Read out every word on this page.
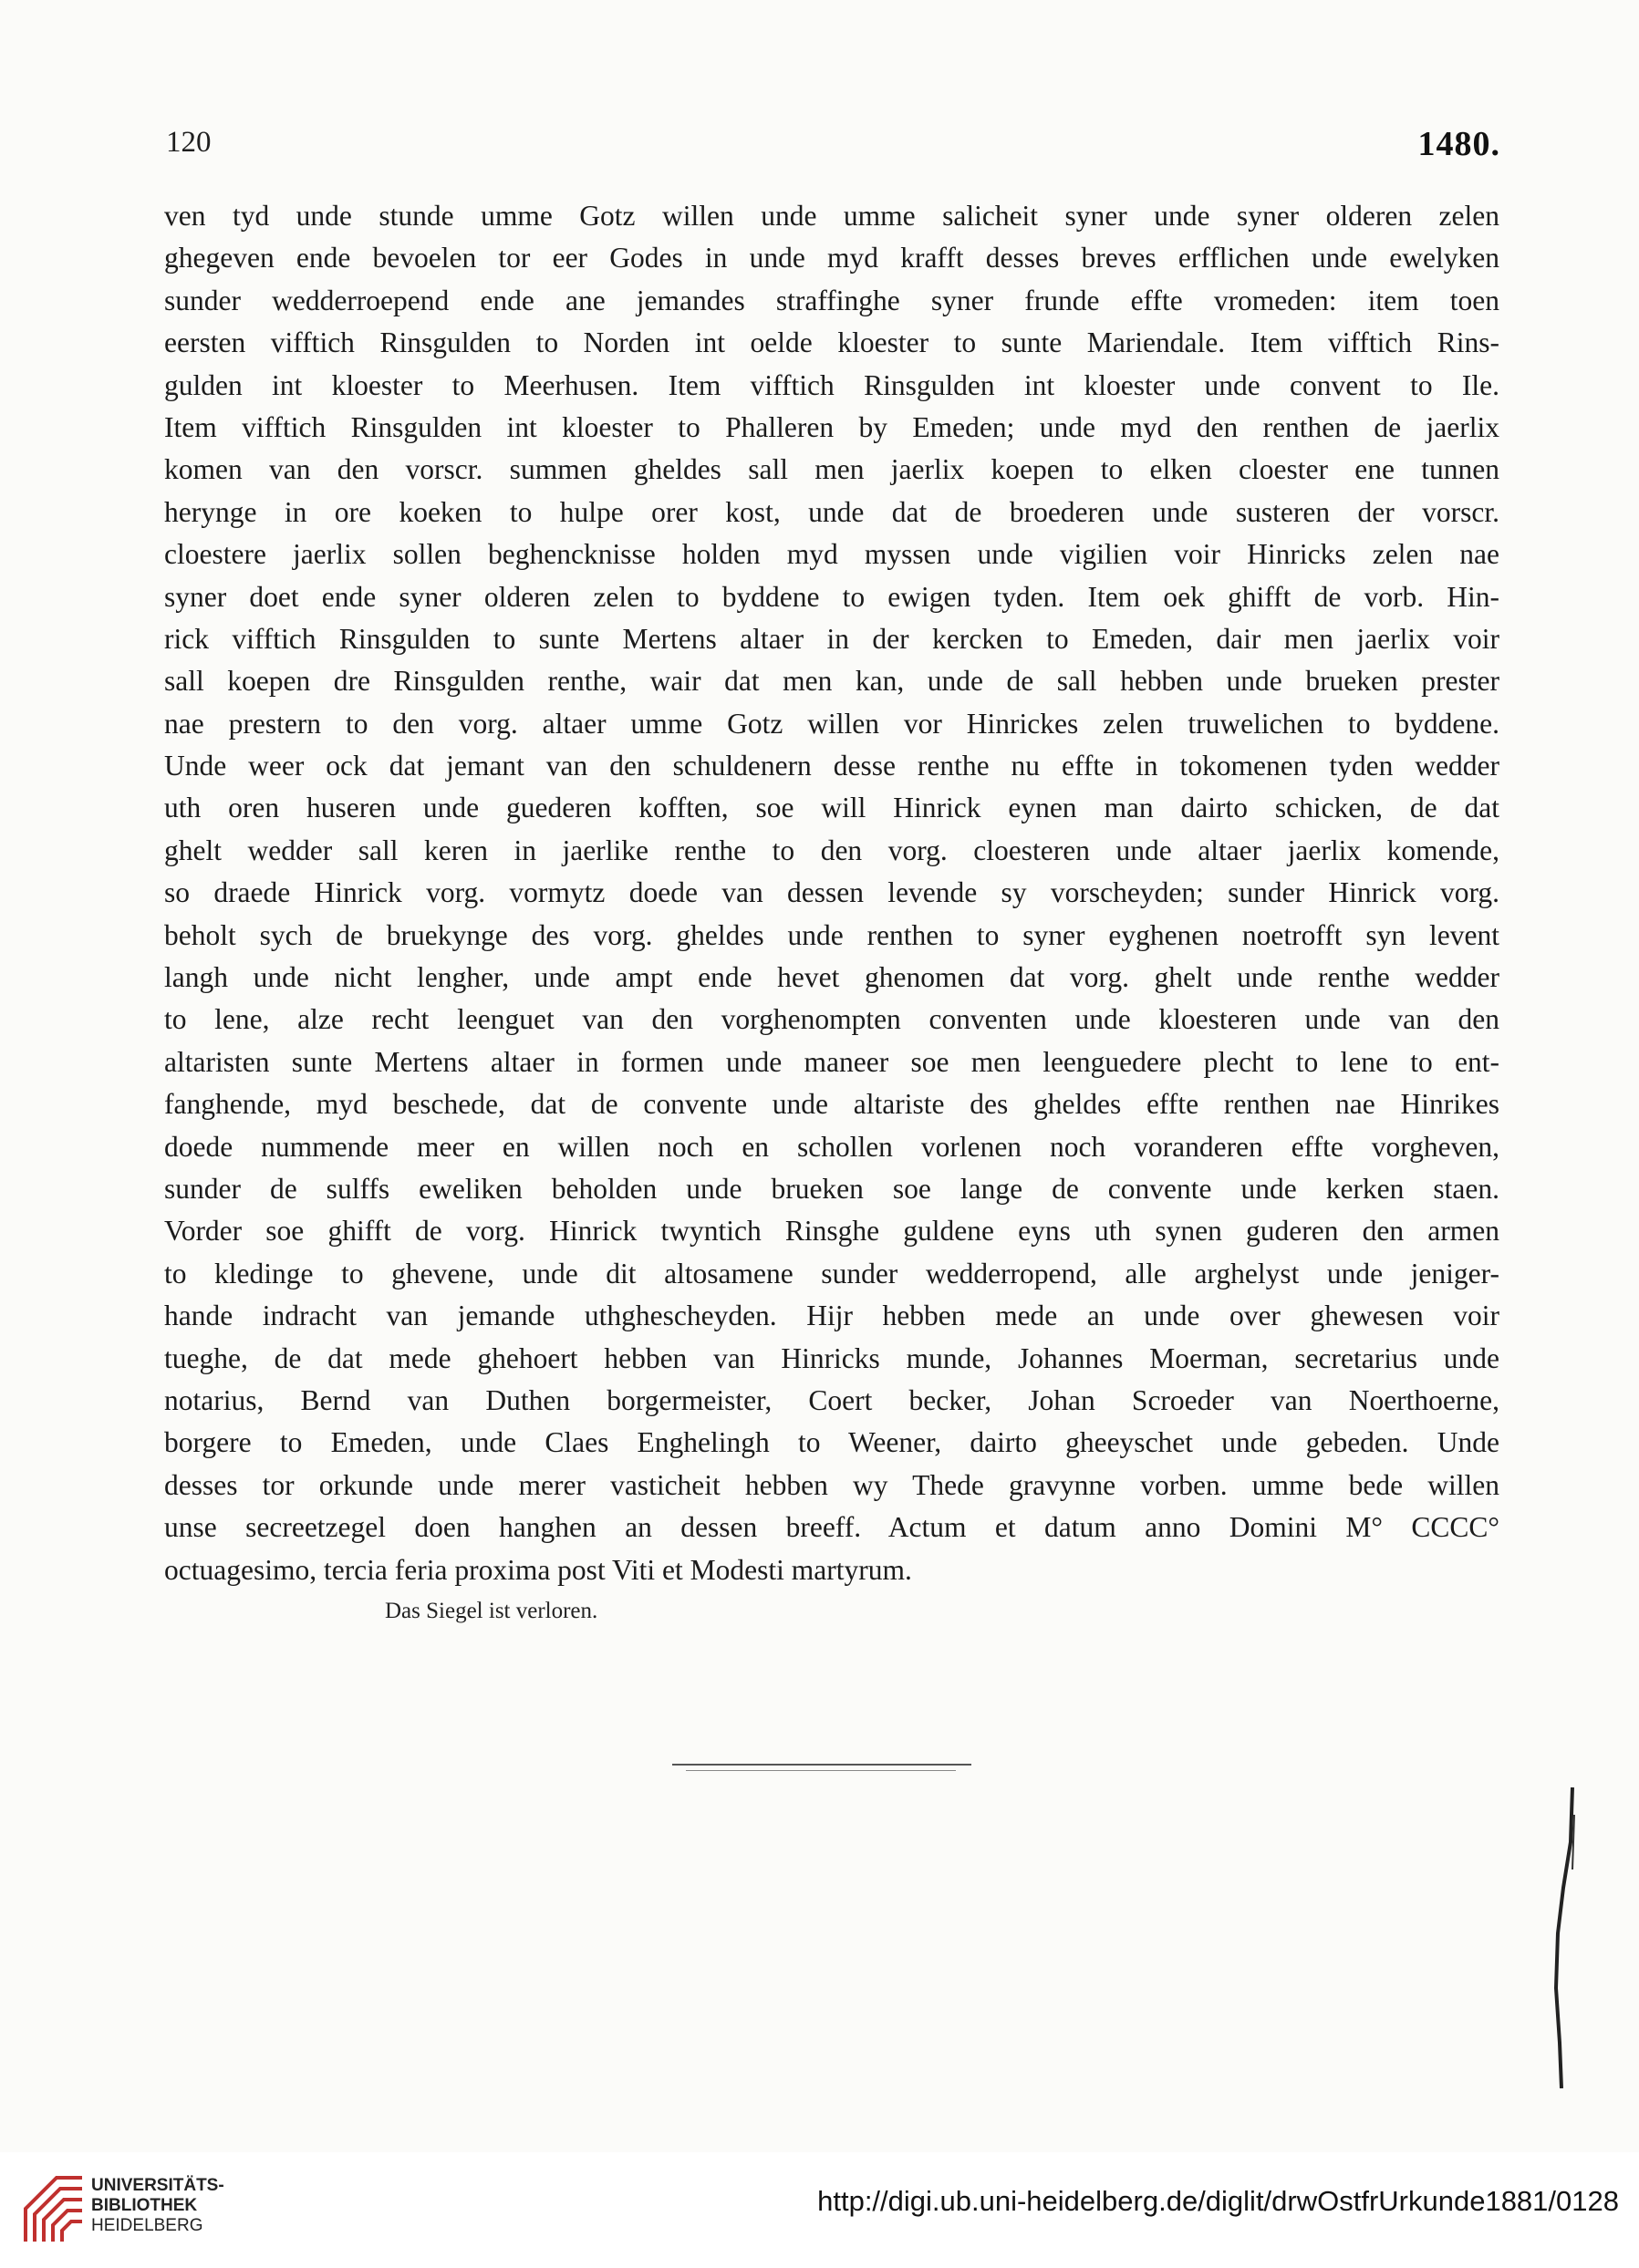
120	1480.
ven tyd unde stunde umme Gotz willen unde umme salicheit syner unde syner olderen zelen
ghegeven ende bevoelen tor eer Godes in unde myd krafft desses breves erfflichen unde ewelyken
sunder wedderroepend ende ane jemandes straffinghe syner frunde effte vromeden: item toen
eersten vifftich Rinsgulden to Norden int oelde kloester to sunte Mariendale. Item vifftich Rins-
gulden int kloester to Meerhusen. Item vifftich Rinsgulden int kloester unde convent to Ile.
Item vifftich Rinsgulden int kloester to Phalleren by Emeden; unde myd den renthen de jaerlix
komen van den vorscr. summen gheldes sall men jaerlix koepen to elken cloester ene tunnen
herynge in ore koeken to hulpe orer kost, unde dat de broederen unde susteren der vorscr.
cloestere jaerlix sollen beghencknisse holden myd myssen unde vigilien voir Hinricks zelen nae
syner doet ende syner olderen zelen to byddene to ewigen tyden. Item oek ghifft de vorb. Hin-
rick vifftich Rinsgulden to sunte Mertens altaer in der kercken to Emeden, dair men jaerlix voir
sall koepen dre Rinsgulden renthe, wair dat men kan, unde de sall hebben unde brueken prester
nae prestern to den vorg. altaer umme Gotz willen vor Hinrickes zelen truwelichen to byddene.
Unde weer ock dat jemant van den schuldenern desse renthe nu effte in tokomenen tyden wedder
uth oren huseren unde guederen kofften, soe will Hinrick eynen man dairto schicken, de dat
ghelt wedder sall keren in jaerlike renthe to den vorg. cloesteren unde altaer jaerlix komende,
so draede Hinrick vorg. vormytz doede van dessen levende sy vorscheyden; sunder Hinrick vorg.
beholt sych de bruekynge des vorg. gheldes unde renthen to syner eyghenen noetrofft syn levent
langh unde nicht lengher, unde ampt ende hevet ghenomen dat vorg. ghelt unde renthe wedder
to lene, alze recht leenguet van den vorghenompten conventen unde kloesteren unde van den
altaristen sunte Mertens altaer in formen unde maneer soe men leenguedere plecht to lene to ent-
fanghende, myd beschede, dat de convente unde altariste des gheldes effte renthen nae Hinrikes
doede nummende meer en willen noch en schollen vorlenen noch voranderen effte vorgheven,
sunder de sulffs eweliken beholden unde brueken soe lange de convente unde kerken staen.
Vorder soe ghifft de vorg. Hinrick twyntich Rinsghe guldene eyns uth synen guderen den armen
to kledinge to ghevene, unde dit altosamene sunder wedderropend, alle arghelyst unde jeniger-
hande indracht van jemande uthghescheyden. Hijr hebben mede an unde over ghewesen voir
tueghe, de dat mede ghehoert hebben van Hinricks munde, Johannes Moerman, secretarius unde
notarius, Bernd van Duthen borgermeister, Coert becker, Johan Scroeder van Noerthoerne,
borgere to Emeden, unde Claes Enghelingh to Weener, dairto gheeyschet unde gebeden. Unde
desses tor orkunde unde merer vasticheit hebben wy Thede gravynne vorben. umme bede willen
unse secreetzegel doen hanghen an dessen breeff. Actum et datum anno Domini M° CCCC°
octuagesimo, tercia feria proxima post Viti et Modesti martyrum.
Das Siegel ist verloren.
UNIVERSITÄTS-
BIBLIOTHEK
HEIDELBERG
http://digi.ub.uni-heidelberg.de/diglit/drwOstfrUrkunde1881/0128
